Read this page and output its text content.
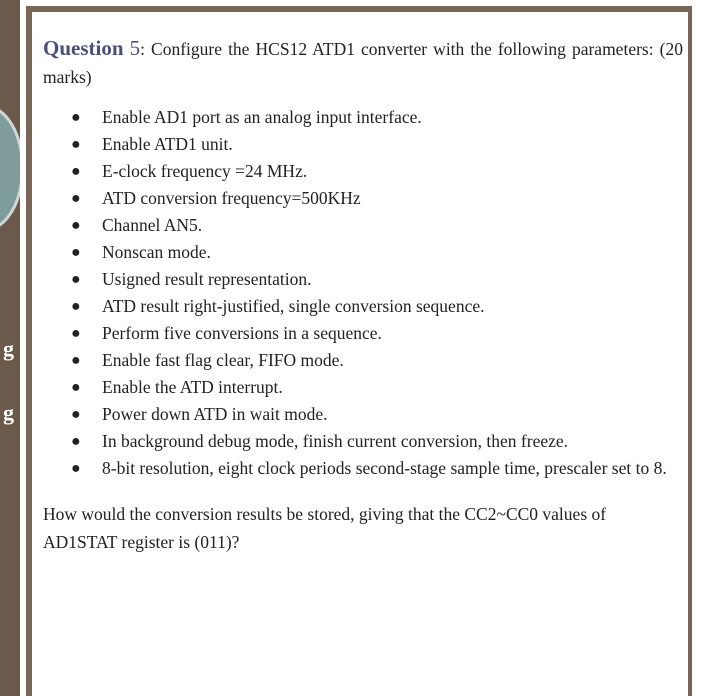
g
g

Question 5: Configure the HCS12 ATD1 converter with the following parameters: (20 marks)

● Enable AD1 port as an analog input interface.
● Enable ATD1 unit.
● E-clock frequency =24 MHz.
● ATD conversion frequency=500KHz
● Channel AN5.
● Nonscan mode.
● Usigned result representation.
● ATD result right-justified, single conversion sequence.
● Perform five conversions in a sequence.
● Enable fast flag clear, FIFO mode.
● Enable the ATD interrupt.
● Power down ATD in wait mode.
● In background debug mode, finish current conversion, then freeze.
● 8-bit resolution, eight clock periods second-stage sample time, prescaler set to 8.

How would the conversion results be stored, giving that the CC2~CC0 values of AD1STAT register is (011)?
